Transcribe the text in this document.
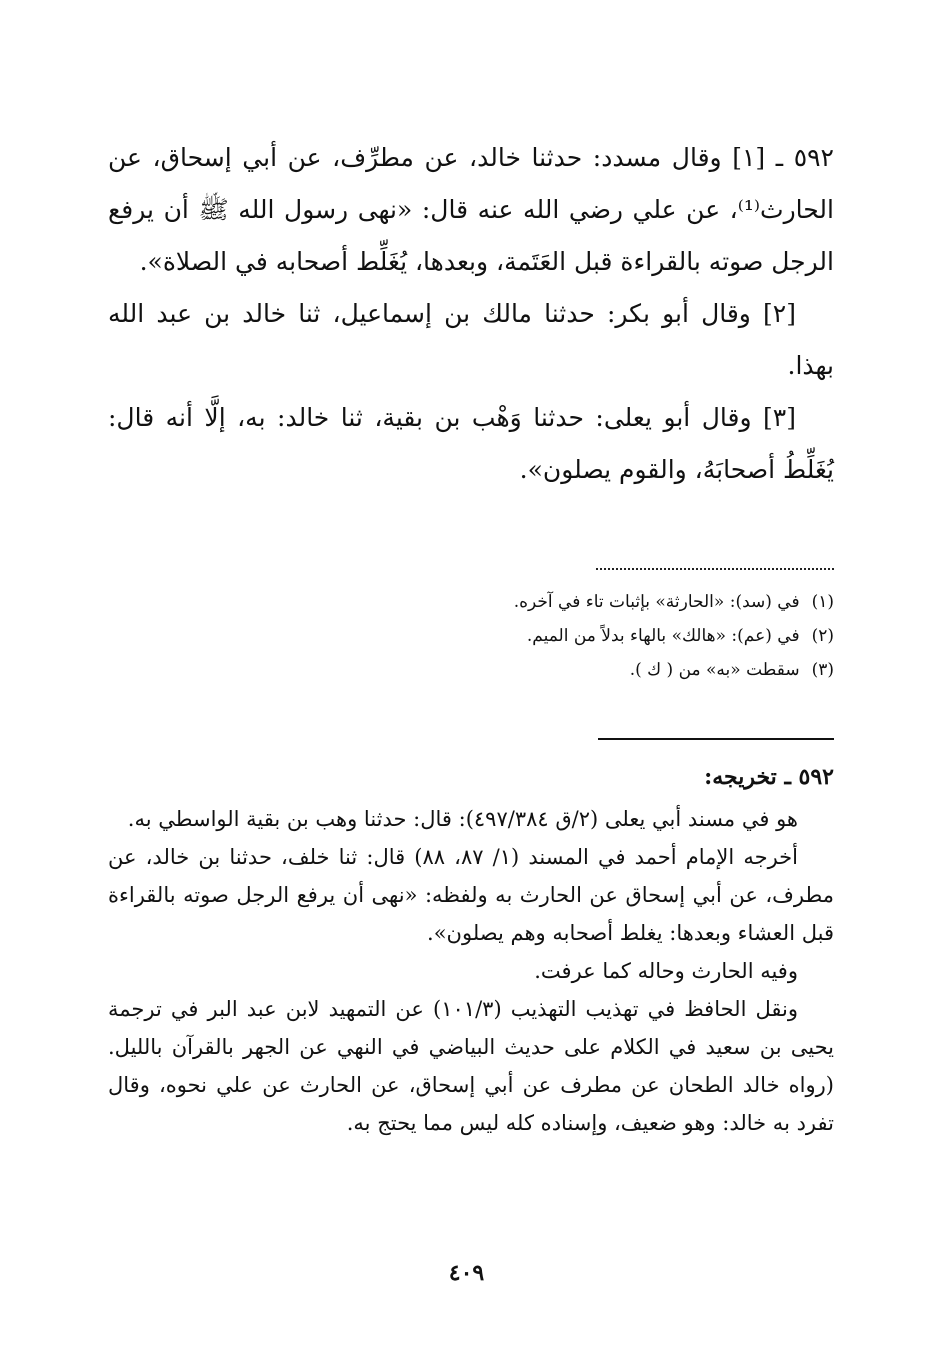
٥٩٢ ـ [١] وقال مسدد: حدثنا خالد، عن مطرِّف، عن أبي إسحاق، عن الحارث⁽¹⁾، عن علي رضي الله عنه قال: «نهى رسول الله ﷺ أن يرفع الرجل صوته بالقراءة قبل العَتَمة، وبعدها، يُغَلِّط أصحابه في الصلاة».

[٢] وقال أبو بكر: حدثنا مالك بن إسماعيل، ثنا خالد بن عبد الله بهذا.

[٣] وقال أبو يعلى: حدثنا وَهْب بن بقية، ثنا خالد: به، إلَّا أنه قال: يُغَلِّطُ أصحابَهُ، والقوم يصلون».

(١)في (سد): «الحارثة» بإثبات تاء في آخره.

(٢)في (عم): «هالك» بالهاء بدلاً من الميم.

(٣)سقطت «به» من ( ك ).

٥٩٢ ـ تخريجه:

هو في مسند أبي يعلى (٢/ق ٤٩٧/٣٨٤): قال: حدثنا وهب بن بقية الواسطي به.

أخرجه الإمام أحمد في المسند (١/ ٨٧، ٨٨) قال: ثنا خلف، حدثنا بن خالد، عن مطرف، عن أبي إسحاق عن الحارث به ولفظه: «نهى أن يرفع الرجل صوته بالقراءة قبل العشاء وبعدها: يغلط أصحابه وهم يصلون».

وفيه الحارث وحاله كما عرفت.

ونقل الحافظ في تهذيب التهذيب (١٠١/٣) عن التمهيد لابن عبد البر في ترجمة يحيى بن سعيد في الكلام على حديث البياضي في النهي عن الجهر بالقرآن بالليل. (رواه خالد الطحان عن مطرف عن أبي إسحاق، عن الحارث عن علي نحوه، وقال تفرد به خالد: وهو ضعيف، وإسناده كله ليس مما يحتج به.

٤٠٩
